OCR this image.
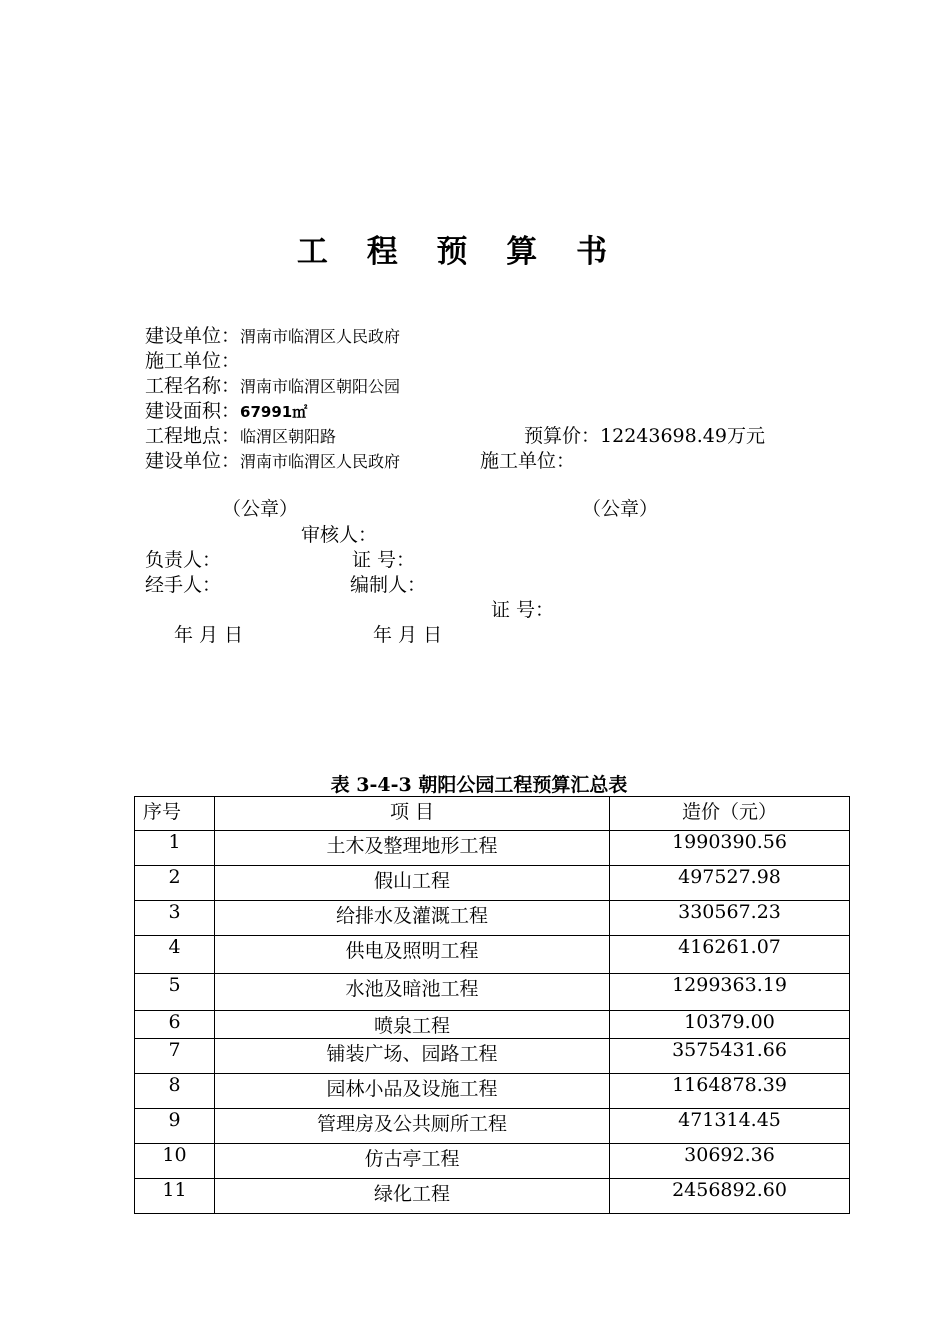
工 程 预 算 书
建设单位：渭南市临渭区人民政府
施工单位：
工程名称：渭南市临渭区朝阳公园
建设面积：67991㎡
工程地点：临渭区朝阳路	预算价：12243698.49万元
建设单位：渭南市临渭区人民政府	施工单位：
（公章）	（公章）
审核人：
负责人：	证 号：
经手人：	编制人：
证 号：
年 月 日	年 月 日
表 3-4-3 朝阳公园工程预算汇总表
序号	项 目	造价（元）
1	土木及整理地形工程	1990390.56
2	假山工程	497527.98
3	给排水及灌溉工程	330567.23
4	供电及照明工程	416261.07
5	水池及暗池工程	1299363.19
6	喷泉工程	10379.00
7	铺装广场、园路工程	3575431.66
8	园林小品及设施工程	1164878.39
9	管理房及公共厕所工程	471314.45
10	仿古亭工程	30692.36
11	绿化工程	2456892.60
